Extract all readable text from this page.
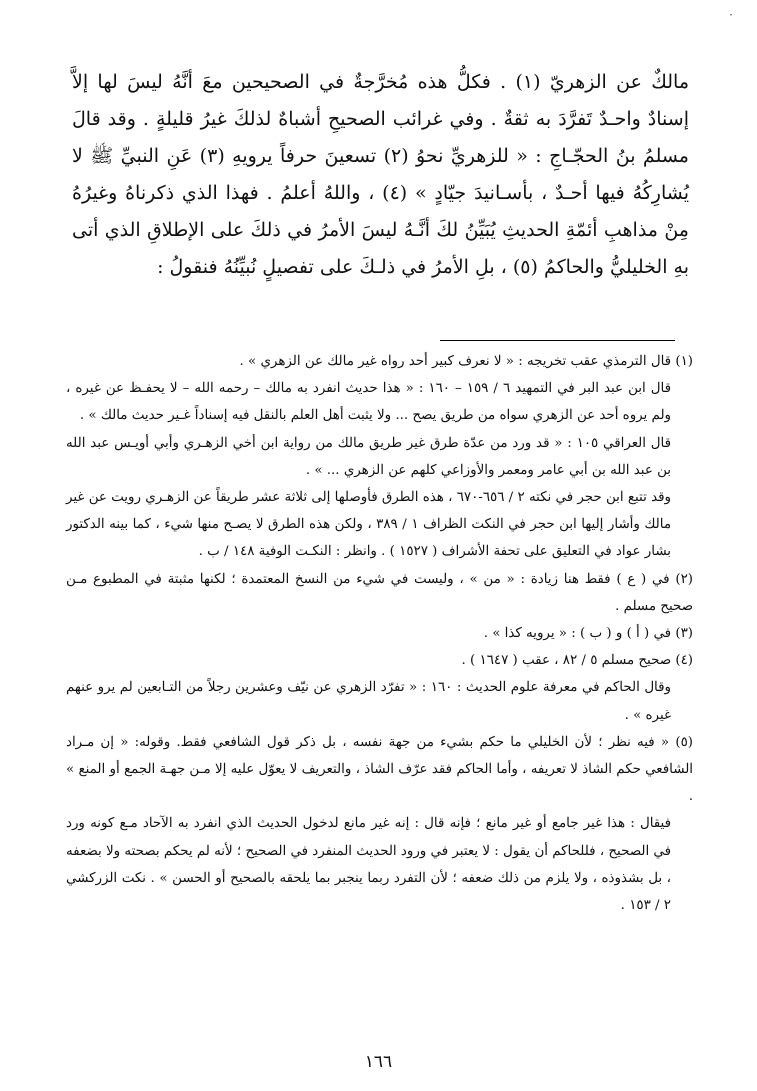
·

مالكٌ عن الزهريّ (١) . فكلُّ هذه مُخرَّجةٌ في الصحيحين معَ أنَّهُ ليسَ لها إلاَّ إسنادٌ واحـدٌ تَفرَّدَ به ثقةٌ . وفي غرائب الصحيحِ أشباهٌ لذلكَ غيرُ قليلةٍ . وقد قالَ مسلمُ بنُ الحجّـاجِ : « للزهريِّ نحوُ (٢) تسعينَ حرفاً يرويهِ (٣) عَنِ النبيِّ ﷺ لا يُشارِكُهُ فيها أحـدٌ ، بأسـانيدَ جيّادٍ » (٤) ، واللهُ أعلمُ . فهذا الذي ذكرناهُ وغيرُهُ مِنْ مذاهبِ أئمّةِ الحديثِ يُبَيِّنُ لكَ أنَّـهُ ليسَ الأمرُ في ذلكَ على الإطلاقِ الذي أتى بهِ الخليليُّ والحاكمُ (٥) ، بلِ الأمرُ في ذلـكَ على تفصيلٍ نُبيِّنُهُ فنقولُ :

(١) قال الترمذي عقب تخريجه : « لا نعرف كبير أحد رواه غير مالك عن الزهري » .

قال ابن عبد البر في التمهيد ٦ / ١٥٩ – ١٦٠ : « هذا حديث انفرد به مالك – رحمه الله – لا يحفـظ عن غيره ، ولم يروه أحد عن الزهري سواه من طريق يصح ... ولا يثبت أهل العلم بالنقل فيه إسناداً غـير حديث مالك » .

قال العراقي ١٠٥ : « قد ورد من عدّة طرق غير طريق مالك من رواية ابن أخي الزهـري وأبي أويـس عبد الله بن عبد الله بن أبي عامر ومعمر والأوزاعي كلهم عن الزهري ... » .

وقد تتبع ابن حجر في نكته ٢ / ٦٥٦-٦٧٠ ، هذه الطرق فأوصلها إلى ثلاثة عشر طريقاً عن الزهـري رويت عن غير مالك وأشار إليها ابن حجر في النكت الظراف ١ / ٣٨٩ ، ولكن هذه الطرق لا يصـح منها شيء ، كما بينه الدكتور بشار عواد في التعليق على تحفة الأشراف ( ١٥٢٧ ) . وانظر : النكـت الوفية ١٤٨ / ب .

(٢) في ( ع ) فقط هنا زيادة : « من » ، وليست في شيء من النسخ المعتمدة ؛ لكنها مثبتة في المطبوع مـن صحيح مسلم .

(٣) في ( أ ) و ( ب ) : « يرويه كذا » .

(٤) صحيح مسلم ٥ / ٨٢ ، عقب ( ١٦٤٧ ) .

وقال الحاكم في معرفة علوم الحديث : ١٦٠ : « تفرّد الزهري عن نيّف وعشرين رجلاً من التـابعين لم يرو عنهم غيره » .

(٥) « فيه نظر ؛ لأن الخليلي ما حكم بشيء من جهة نفسه ، بل ذكر قول الشافعي فقط. وقوله: « إن مـراد الشافعي حكم الشاذ لا تعريفه ، وأما الحاكم فقد عرّف الشاذ ، والتعريف لا يعوّل عليه إلا مـن جهـة الجمع أو المنع » .

فيقال : هذا غير جامع أو غير مانع ؛ فإنه قال : إنه غير مانع لدخول الحديث الذي انفرد به الآحاد مـع كونه ورد في الصحيح ، فللحاكم أن يقول : لا يعتبر في ورود الحديث المنفرد في الصحيح ؛ لأنه لم يحكم بصحته ولا بضعفه ، بل بشذوذه ، ولا يلزم من ذلك ضعفه ؛ لأن التفرد ربما ينجبر بما يلحقه بالصحيح أو الحسن » . نكت الزركشي ٢ / ١٥٣ .

١٦٦
